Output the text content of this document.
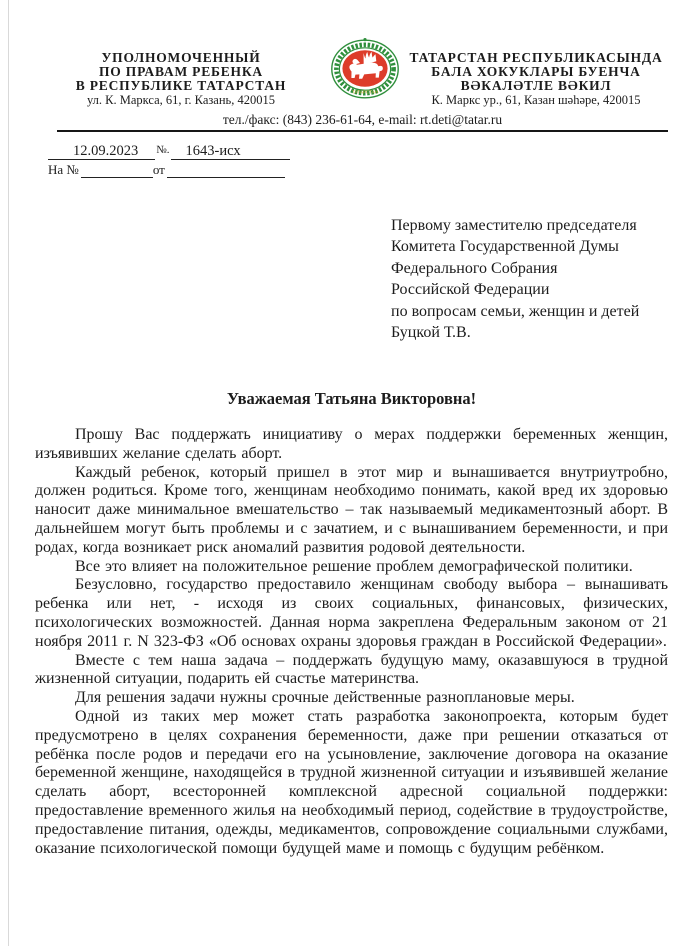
УПОЛНОМОЧЕННЫЙ
ПО ПРАВАМ РЕБЕНКА
В РЕСПУБЛИКЕ ТАТАРСТАН
ул. К. Маркса, 61, г. Казань, 420015
ТАТАРСТАН
ТАТАРСТАН РЕСПУБЛИКАСЫНДА
БАЛА ХОКУКЛАРЫ БУЕНЧА
ВӘКАЛӘТЛЕ ВӘКИЛ
К. Маркс ур., 61, Казан шәһәре, 420015
тел./факс: (843) 236-61-64, e-mail: rt.deti@tatar.ru
12.09.2023 №. 1643-исх
На №	от
Первому заместителю председателя
Комитета Государственной Думы
Федерального Собрания
Российской Федерации
по вопросам семьи, женщин и детей
Буцкой Т.В.
Уважаемая Татьяна Викторовна!

Прошу Вас поддержать инициативу о мерах поддержки беременных женщин, изъявивших желание сделать аборт.

Каждый ребенок, который пришел в этот мир и вынашивается внутриутробно, должен родиться. Кроме того, женщинам необходимо понимать, какой вред их здоровью наносит даже минимальное вмешательство – так называемый медикаментозный аборт. В дальнейшем могут быть проблемы и с зачатием, и с вынашиванием беременности, и при родах, когда возникает риск аномалий развития родовой деятельности.

Все это влияет на положительное решение проблем демографической политики.

Безусловно, государство предоставило женщинам свободу выбора – вынашивать ребенка или нет, - исходя из своих социальных, финансовых, физических, психологических возможностей. Данная норма закреплена Федеральным законом от 21 ноября 2011 г. N 323-ФЗ «Об основах охраны здоровья граждан в Российской Федерации».

Вместе с тем наша задача – поддержать будущую маму, оказавшуюся в трудной жизненной ситуации, подарить ей счастье материнства.

Для решения задачи нужны срочные действенные разноплановые меры.

Одной из таких мер может стать разработка законопроекта, которым будет предусмотрено в целях сохранения беременности, даже при решении отказаться от ребёнка после родов и передачи его на усыновление, заключение договора на оказание беременной женщине, находящейся в трудной жизненной ситуации и изъявившей желание сделать аборт, всесторонней комплексной адресной социальной поддержки: предоставление временного жилья на необходимый период, содействие в трудоустройстве, предоставление питания, одежды, медикаментов, сопровождение социальными службами, оказание психологической помощи будущей маме и помощь с будущим ребёнком.
